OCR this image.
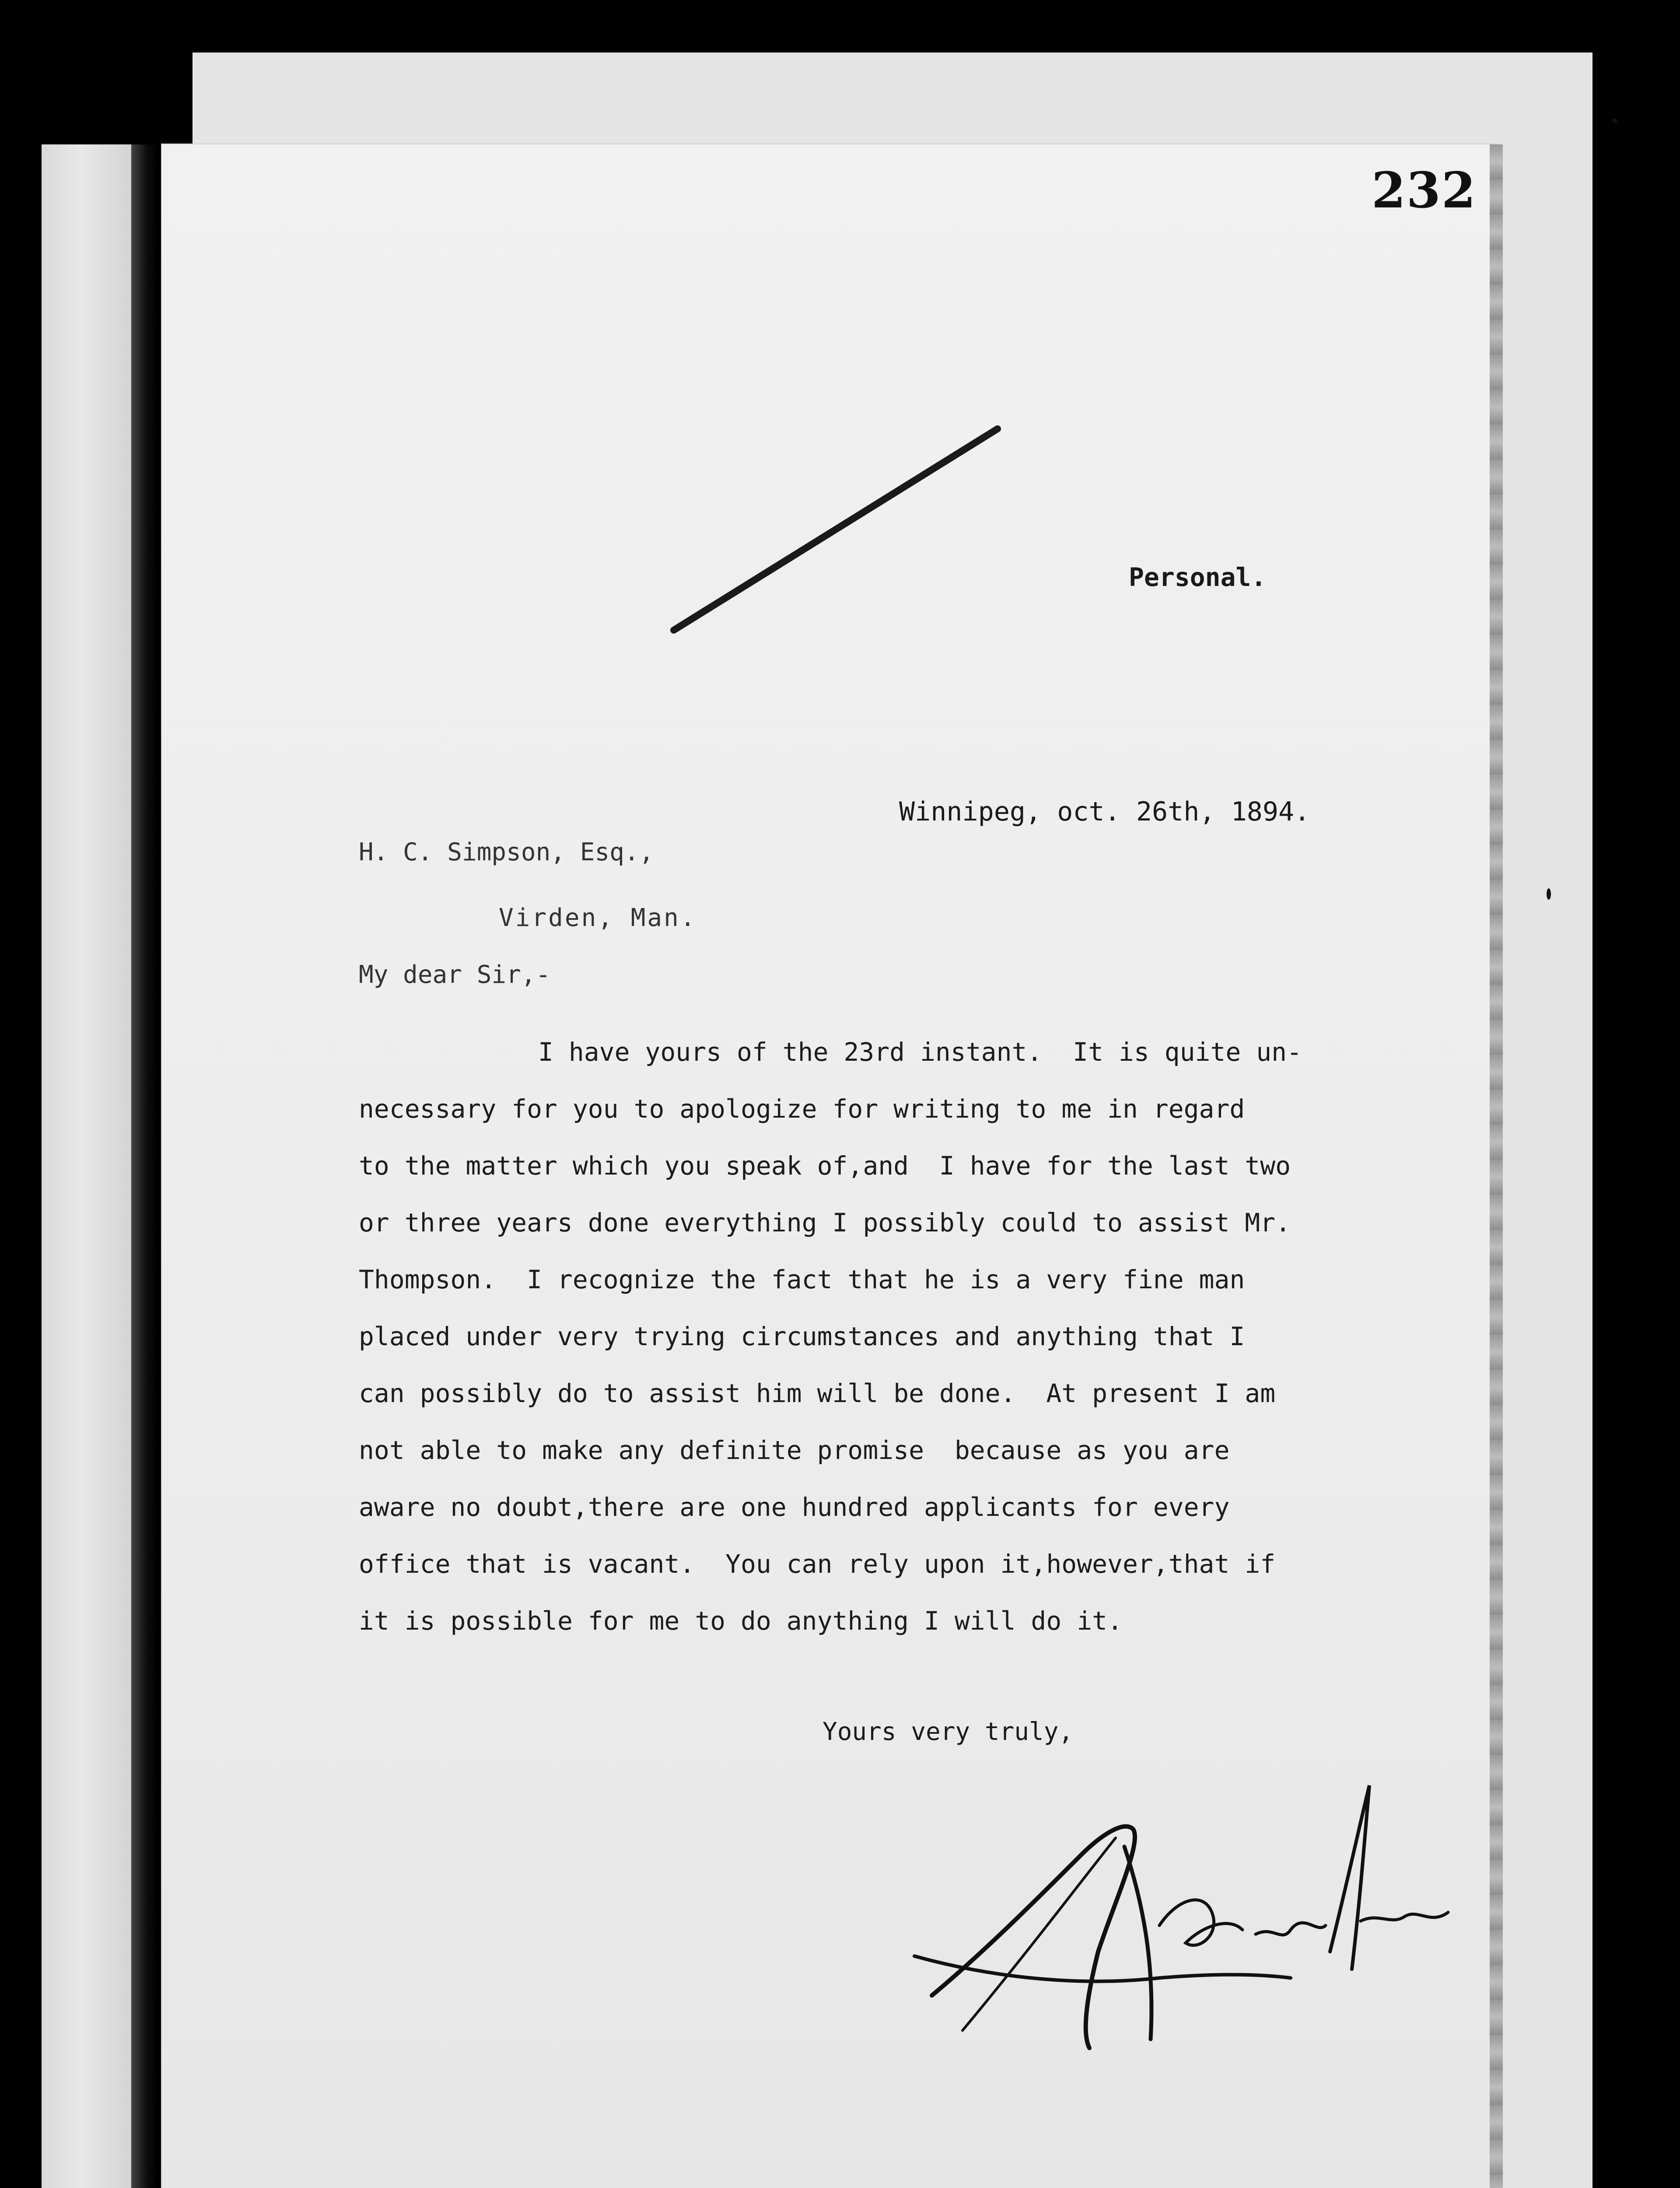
232
Personal.
Winnipeg, oct. 26th, 1894.
H. C. Simpson, Esq.,
Virden, Man.
My dear Sir,-
I have yours of the 23rd instant.  It is quite un-
necessary for you to apologize for writing to me in regard
to the matter which you speak of,and  I have for the last two
or three years done everything I possibly could to assist Mr.
Thompson.  I recognize the fact that he is a very fine man
placed under very trying circumstances and anything that I
can possibly do to assist him will be done.  At present I am
not able to make any definite promise  because as you are
aware no doubt,there are one hundred applicants for every
office that is vacant.  You can rely upon it,however,that if
it is possible for me to do anything I will do it.
Yours very truly,
